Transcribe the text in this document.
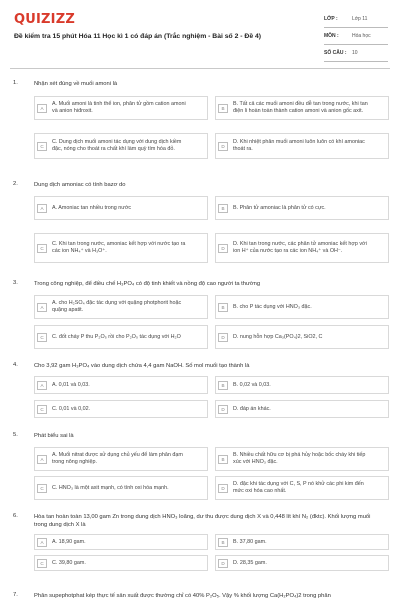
QUIZIZZ
Đề kiểm tra 15 phút Hóa 11 Học kì 1 có đáp án (Trắc nghiệm - Bài số 2 - Đề 4)
LỚP :	Lớp 11
MÔN :	Hóa học
SỐ CÂU :	10
1.	Nhận xét đúng về muối amoni là
A
A. Muối amoni là tinh thể ion, phân tử gồm cation amoni và anion hiđroxit.	B
B. Tất cả các muối amoni đều dễ tan trong nước, khi tan điện li hoàn toàn thành cation amoni và anion gốc axit.
C
C. Dung dịch muối amoni tác dụng với dung dịch kiềm đặc, nóng cho thoát ra chất khí làm quỳ tím hóa đỏ.	D
D. Khi nhiệt phân muối amoni luôn luôn có khí amoniac thoát ra.
2.	Dung dịch amoniac có tính bazơ do
A	A. Amoniac tan nhiều trong nước	B	B. Phân tử amoniac là phân tử có cực.
C
C. Khi tan trong nước, amoniac kết hợp với nước tạo ra các ion NH₄⁺ và H₃O⁺.	D
D. Khi tan trong nước, các phân tử amoniac kết hợp với ion H⁺ của nước tạo ra các ion NH₄⁺ và OH⁻.
3.	Trong công nghiệp, để điều chế H₃PO₄ có độ tinh khiết và nồng độ cao người ta thường
A
A. cho H₂SO₄ đặc tác dụng với quặng photphorit hoặc quặng apatit.	B	B. cho P tác dụng với HNO₃ đặc.
C	C. đốt cháy P thu P₂O₅ rồi cho P₂O₅ tác dụng với H₂O	D	D. nung hỗn hợp Ca₃(PO₄)2, SiO2, C
4.	Cho 3,92 gam H₃PO₄ vào dung dịch chứa 4,4 gam NaOH. Số mol muối tạo thành là
A	A. 0,01 và 0,03.	B	B. 0,02 và 0,03.
C	C. 0,01 và 0,02.	D	D. đáp án khác.
5.	Phát biểu sai là
A
A. Muối nitrat được sử dụng chủ yếu để làm phân đạm trong nông nghiệp.	B
B. Nhiều chất hữu cơ bị phá hủy hoặc bốc cháy khi tiếp xúc với HNO₃ đặc.
C	C. HNO₃ là một axit mạnh, có tính oxi hóa mạnh.	D
D. đặc khi tác dụng với C, S, P nó khử các phi kim đến mức oxi hóa cao nhất.
6.	Hòa tan hoàn toàn 13,00 gam Zn trong dung dịch HNO₃ loãng, dư thu được dung dịch X và 0,448 lít khí N₂ (đktc). Khối lượng muối trong dung dịch X là
A	A. 18,90 gam.	B	B. 37,80 gam.
C	C. 39,80 gam.	D	D. 28,35 gam.
7.	Phân supephotphat kép thực tế sản xuất được thường chỉ có 40% P₂O₅. Vậy % khối lượng Ca(H₂PO₄)2 trong phân
